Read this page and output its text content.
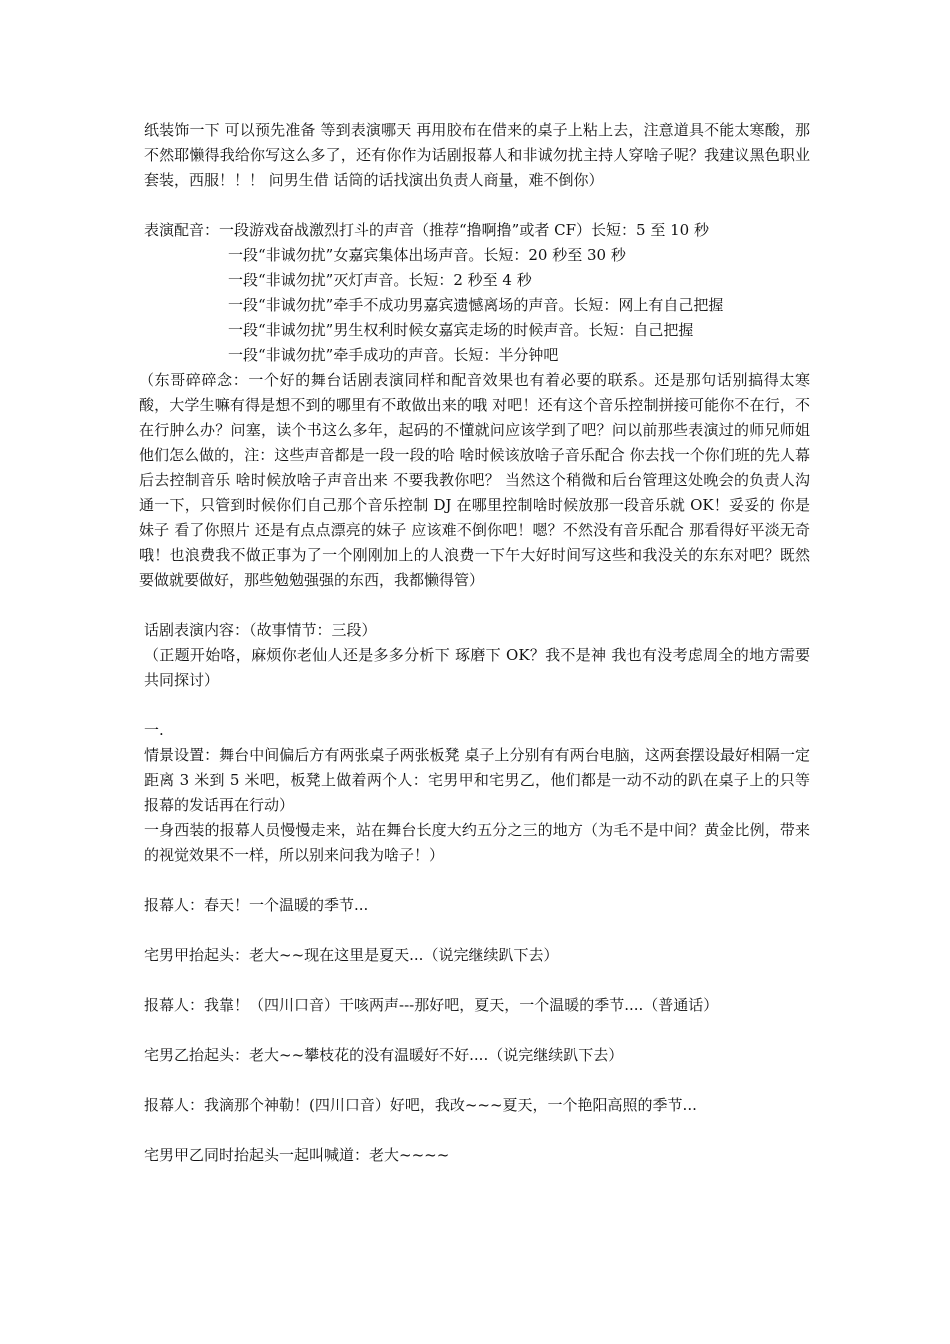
纸装饰一下 可以预先准备 等到表演哪天 再用胶布在借来的桌子上粘上去，注意道具不能太寒酸，那不然耶懒得我给你写这么多了，还有你作为话剧报幕人和非诚勿扰主持人穿啥子呢？我建议黑色职业套装，西服！！！ 问男生借 话筒的话找演出负责人商量，难不倒你）

表演配音：一段游戏奋战激烈打斗的声音（推荐“撸啊撸”或者 CF）长短：5 至 10 秒

一段“非诚勿扰”女嘉宾集体出场声音。长短：20 秒至 30 秒

一段“非诚勿扰”灭灯声音。长短：2 秒至 4 秒

一段“非诚勿扰”牵手不成功男嘉宾遗憾离场的声音。长短：网上有自己把握

一段“非诚勿扰”男生权利时候女嘉宾走场的时候声音。长短：自己把握

一段“非诚勿扰”牵手成功的声音。长短：半分钟吧

（东哥碎碎念：一个好的舞台话剧表演同样和配音效果也有着必要的联系。还是那句话别搞得太寒酸，大学生嘛有得是想不到的哪里有不敢做出来的哦 对吧！还有这个音乐控制拼接可能你不在行，不在行肿么办？问塞，读个书这么多年，起码的不懂就问应该学到了吧？问以前那些表演过的师兄师姐他们怎么做的，注：这些声音都是一段一段的哈 啥时候该放啥子音乐配合 你去找一个你们班的先人幕后去控制音乐 啥时候放啥子声音出来 不要我教你吧？ 当然这个稍微和后台管理这处晚会的负责人沟通一下，只管到时候你们自己那个音乐控制 DJ 在哪里控制啥时候放那一段音乐就 OK！妥妥的 你是妹子 看了你照片 还是有点点漂亮的妹子 应该难不倒你吧！嗯？不然没有音乐配合 那看得好平淡无奇哦！也浪费我不做正事为了一个刚刚加上的人浪费一下午大好时间写这些和我没关的东东对吧？既然要做就要做好，那些勉勉强强的东西，我都懒得管）

话剧表演内容：（故事情节：三段）

（正题开始咯，麻烦你老仙人还是多多分析下 琢磨下 OK？我不是神 我也有没考虑周全的地方需要共同探讨）

一.

情景设置：舞台中间偏后方有两张桌子两张板凳 桌子上分别有有两台电脑，这两套摆设最好相隔一定距离 3 米到 5 米吧，板凳上做着两个人：宅男甲和宅男乙，他们都是一动不动的趴在桌子上的只等报幕的发话再在行动）

一身西装的报幕人员慢慢走来，站在舞台长度大约五分之三的地方（为毛不是中间？黄金比例，带来的视觉效果不一样，所以别来问我为啥子！）

报幕人：春天！一个温暖的季节...

宅男甲抬起头：老大~~现在这里是夏天...（说完继续趴下去）

报幕人：我靠！（四川口音）干咳两声---那好吧，夏天，一个温暖的季节....（普通话）

宅男乙抬起头：老大~~攀枝花的没有温暖好不好....（说完继续趴下去）

报幕人：我滴那个神勒！(四川口音）好吧，我改~~~夏天，一个艳阳高照的季节...

宅男甲乙同时抬起头一起叫喊道：老大~~~~
